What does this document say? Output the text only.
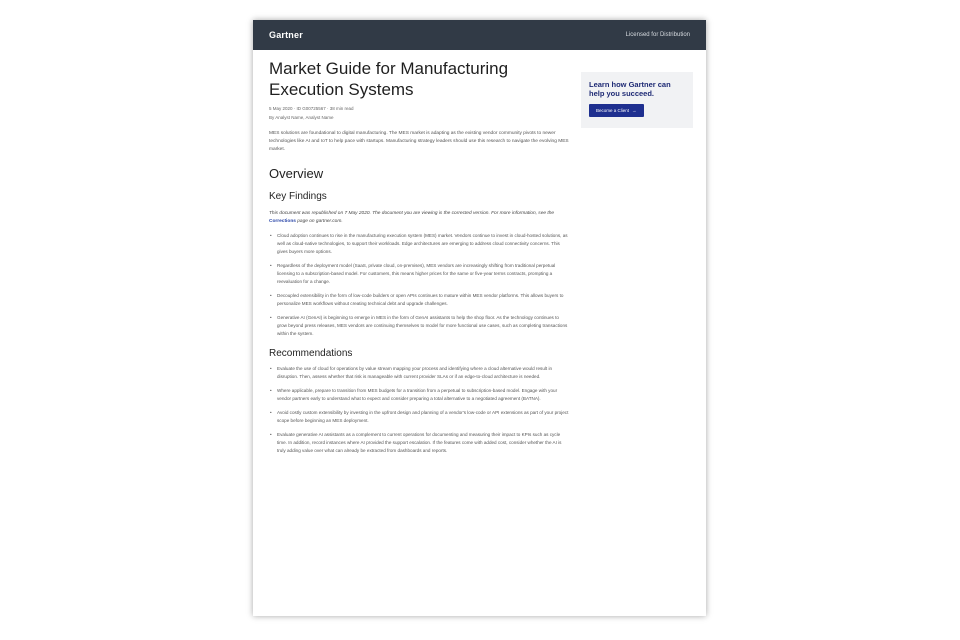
Gartner	Licensed for Distribution
Market Guide for Manufacturing Execution Systems
5 May 2020 · ID G00725567 · 38 min read
By Analyst Name, Analyst Name
MES solutions are foundational to digital manufacturing. The MES market is adapting as the existing vendor community pivots to newer technologies like AI and IoT to help pace with startups. Manufacturing strategy leaders should use this research to navigate the evolving MES market.
Overview
Key Findings
This document was republished on 7 May 2020. The document you are viewing is the corrected version. For more information, see the Corrections page on gartner.com.
• Cloud adoption continues to rise in the manufacturing execution system (MES) market. Vendors continue to invest in cloud-hosted solutions, as well as cloud-native technologies, to support their workloads. Edge architectures are emerging to address cloud connectivity concerns. This gives buyers more options.
• Regardless of the deployment model (SaaS, private cloud, on-premises), MES vendors are increasingly shifting from traditional perpetual licensing to a subscription-based model. For customers, this means higher prices for the same or five-year terms contracts, prompting a reevaluation for a change.
• Decoupled extensibility in the form of low-code builders or open APIs continues to mature within MES vendor platforms. This allows buyers to personalize MES workflows without creating technical debt and upgrade challenges.
• Generative AI (GenAI) is beginning to emerge in MES in the form of GenAI assistants to help the shop floor. As the technology continues to grow beyond press releases, MES vendors are continuing themselves to model for more functional use cases, such as completing transactions within the system.
Recommendations
• Evaluate the use of cloud for operations by value stream mapping your process and identifying where a cloud alternative would result in disruption. Then, assess whether that risk is manageable with current provider SLAs or if an edge-to-cloud architecture is needed.
• Where applicable, prepare to transition from MES budgets for a transition from a perpetual to subscription-based model. Engage with your vendor partners early to understand what to expect and consider preparing a total alternative to a negotiated agreement (BATNA).
• Avoid costly custom extensibility by investing in the upfront design and planning of a vendor's low-code or API extensions as part of your project scope before beginning an MES deployment.
• Evaluate generative AI assistants as a complement to current operations for documenting and measuring their impact to KPIs such as cycle time. In addition, record instances where AI provided the support escalation. If the features come with added cost, consider whether the AI is truly adding value over what can already be extracted from dashboards and reports.
Learn how Gartner can help you succeed.
Become a Client →
